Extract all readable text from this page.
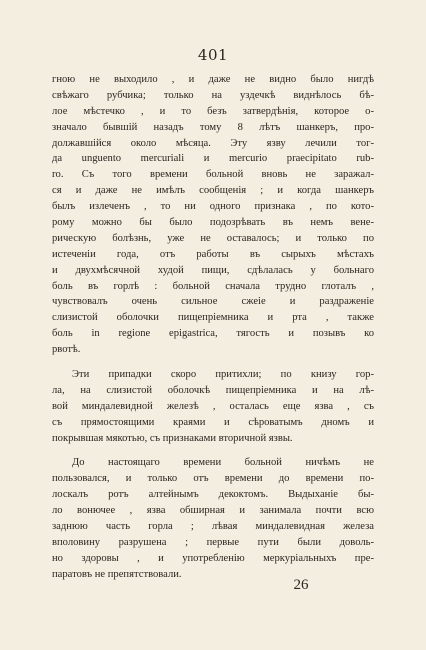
401
гною не выходило , и даже не видно было нигдѣ
свѣжаго рубчика; только на уздечкѣ виднѣлось бѣ-
лое мѣстечко , и то безъ затвердѣнія, которое о-
значало бывшій назадъ тому 8 лѣтъ шанкеръ, про-
должавшійся около мѣсяца. Эту язву лечили тог-
да unguento mercuriali и mercurio praecipitato rub-
ro. Съ того времени больной вновь не заражал-
ся и даже не имѣлъ сообщенія ; и когда шанкеръ
былъ излеченъ , то ни одного признака , по кото-
рому можно бы было подозрѣвать въ немъ вене-
рическую болѣзнь, уже не оставалось; и только по
истеченіи года, отъ работы въ сырыхъ мѣстахъ
и двухмѣсячной худой пищи, сдѣлалась у больнаго
боль въ горлѣ : больной сначала трудно глоталъ ,
чувствовалъ очень сильное сжеіе и раздраженіе
слизистой оболочки пищепріемника и рта , также
боль in regione epigastrica, тягость и позывъ ко
рвотѣ.
Эти припадки скоро притихли; по книзу гор-
ла, на слизистой оболочкѣ пищепріемника и на лѣ-
вой миндалевидной железѣ , осталась еще язва , съ
съ прямостоящими краями и сѣроватымъ дномъ и
покрывшая мякотью, съ признаками вторичной язвы.
До настоящаго времени больной ничѣмъ не
пользовался, и только отъ времени до времени по-
лоскалъ ротъ алтейнымъ декоктомъ. Выдыханіе бы-
ло вонючее , язва обширная и занимала почти всю
заднюю часть горла ; лѣвая миндалевидная железа
вполовину разрушена ; первые пути были доволь-
но здоровы , и употребленію меркуріальныхъ пре-
паратовъ не препятствовали.
26
